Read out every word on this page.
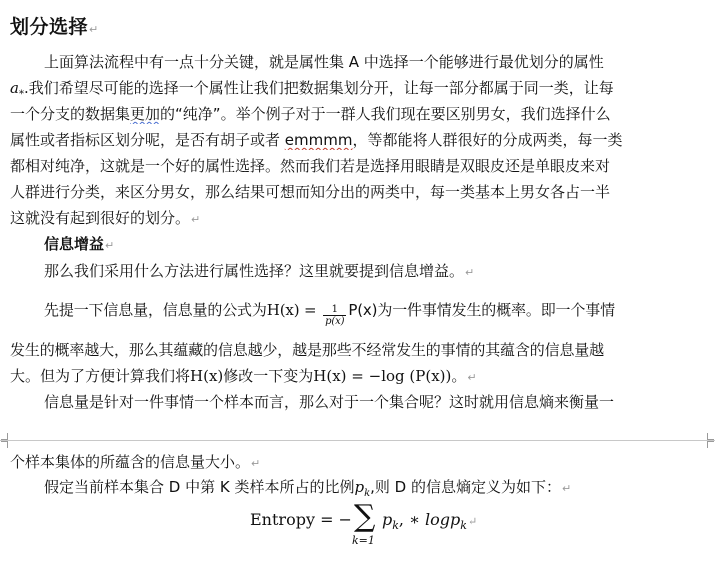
划分选择↵
上面算法流程中有一点十分关键，就是属性集 A 中选择一个能够进行最优划分的属性
$a_*$.我们希望尽可能的选择一个属性让我们把数据集划分开，让每一部分都属于同一类，让每
一个分支的数据集更加的“纯净”。举个例子对于一群人我们现在要区别男女，我们选择什么
属性或者指标区划分呢，是否有胡子或者 emmmm，等都能将人群很好的分成两类，每一类
都相对纯净，这就是一个好的属性选择。然而我们若是选择用眼睛是双眼皮还是单眼皮来对
人群进行分类，来区分男女，那么结果可想而知分出的两类中，每一类基本上男女各占一半
这就没有起到很好的划分。↵
信息增益↵
那么我们采用什么方法进行属性选择？这里就要提到信息增益。↵
先提一下信息量，信息量的公式为$H(x) = \frac{1}{p(x)} P(x)$为一件事情发生的概率。即一个事情
发生的概率越大，那么其蕴藏的信息越少，越是那些不经常发生的事情的其蕴含的信息量越
大。但为了方便计算我们将H(x)修改一下变为H(x) = −log (P(x))。↵
信息量是针对一件事情一个样本而言，那么对于一个集合呢？这时就用信息熵来衡量一
个样本集体的所蕴含的信息量大小。↵
假定当前样本集合 D 中第 K 类样本所占的比例$p_k$,则 D 的信息熵定义为如下：↵
Entropy = − ∑
k=1
$p_k$, ∗ logp$_k$↵
